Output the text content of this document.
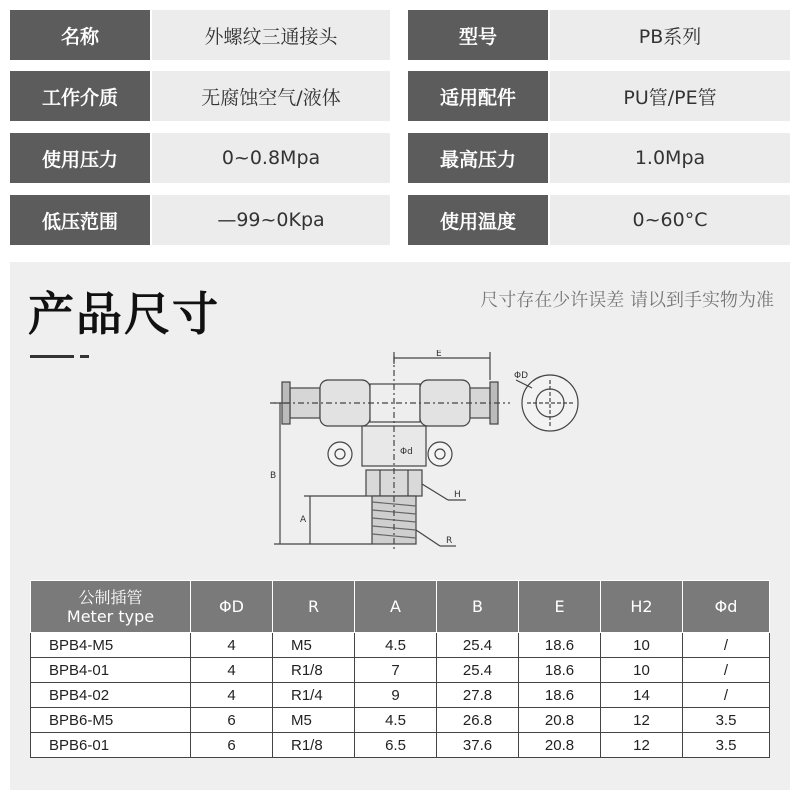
名称	外螺纹三通接头	型号	PB系列
工作介质	无腐蚀空气/液体	适用配件	PU管/PE管
使用压力	0~0.8Mpa	最高压力	1.0Mpa
低压范围	—99~0Kpa	使用温度	0~60°C
产品尺寸	尺寸存在少许误差 请以到手实物为准
E
B
A
H
R
ΦD
Φd
公制插管
Meter type	ΦD	R	A	B	E	H2	Φd
BPB4-M5	4	M5	4.5	25.4	18.6	10	/
BPB4-01	4	R1/8	7	25.4	18.6	10	/
BPB4-02	4	R1/4	9	27.8	18.6	14	/
BPB6-M5	6	M5	4.5	26.8	20.8	12	3.5
BPB6-01	6	R1/8	6.5	37.6	20.8	12	3.5
